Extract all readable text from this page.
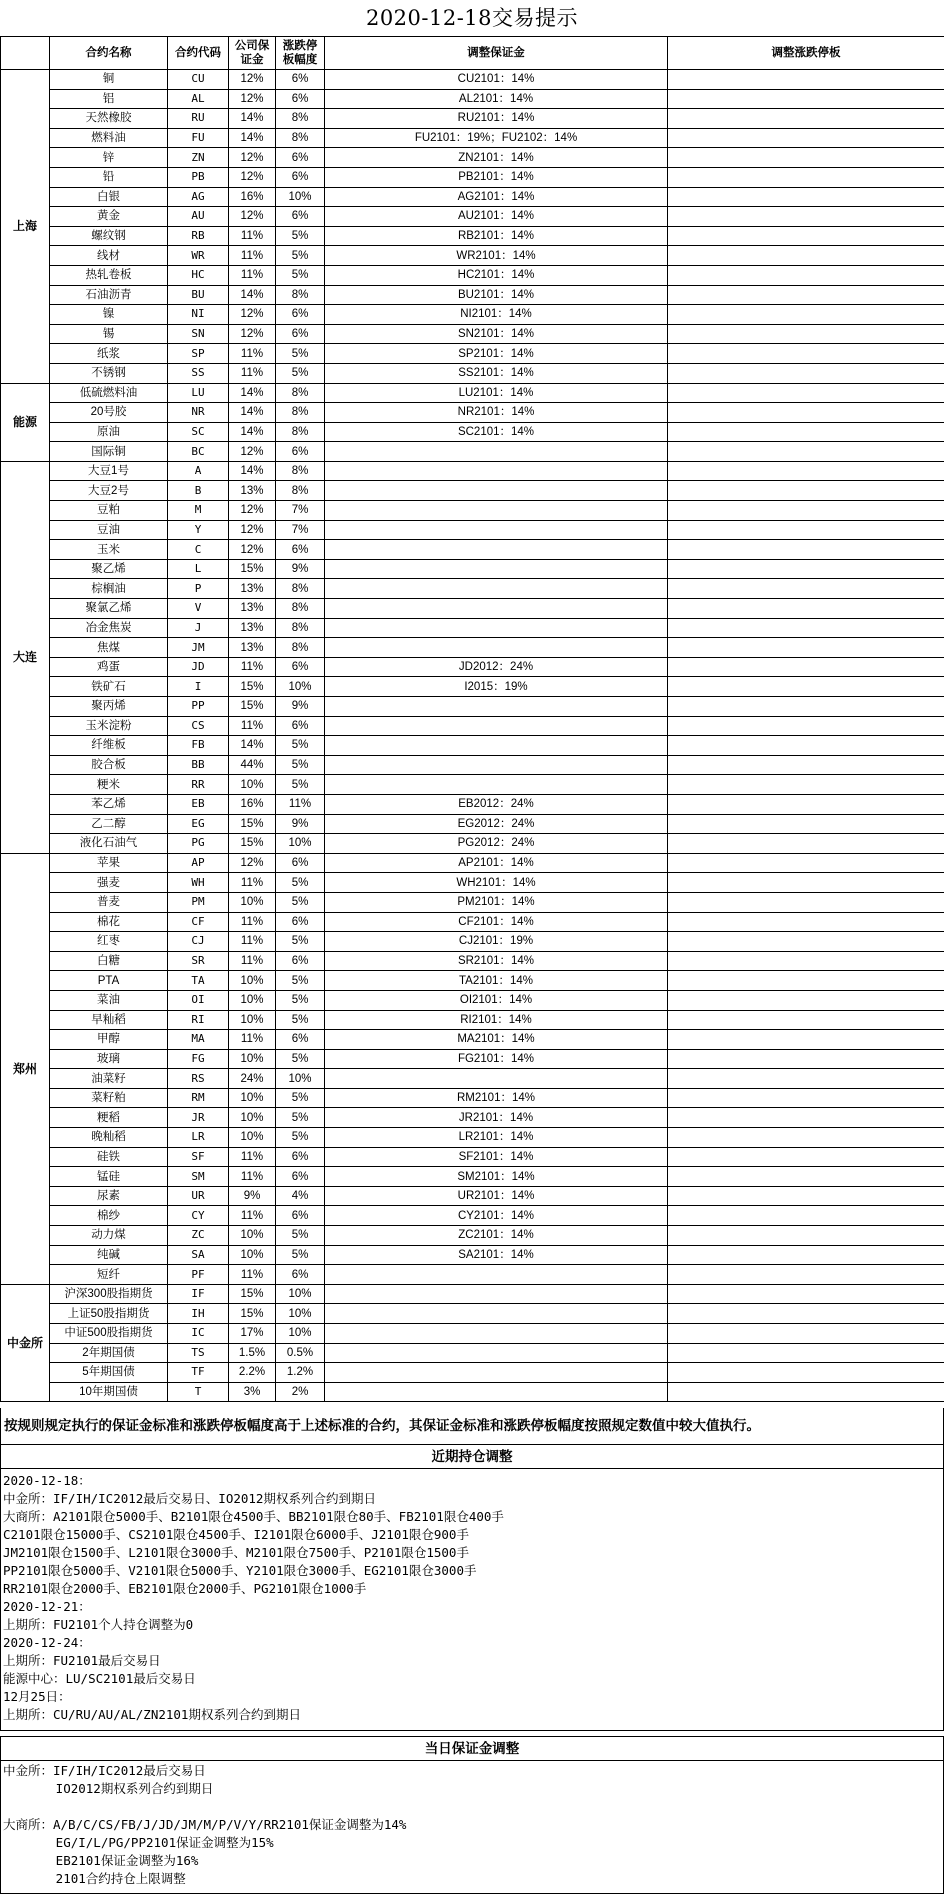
2020-12-18交易提示
	合约名称	合约代码	公司保证金	涨跌停板幅度	调整保证金	调整涨跌停板
上海	铜	CU	12%	6%	CU2101：14%	
	铝	AL	12%	6%	AL2101：14%	
	天然橡胶	RU	14%	8%	RU2101：14%	
	燃料油	FU	14%	8%	FU2101：19%；FU2102：14%	
	锌	ZN	12%	6%	ZN2101：14%	
	铅	PB	12%	6%	PB2101：14%	
	白银	AG	16%	10%	AG2101：14%	
	黄金	AU	12%	6%	AU2101：14%	
	螺纹钢	RB	11%	5%	RB2101：14%	
	线材	WR	11%	5%	WR2101：14%	
	热轧卷板	HC	11%	5%	HC2101：14%	
	石油沥青	BU	14%	8%	BU2101：14%	
	镍	NI	12%	6%	NI2101：14%	
	锡	SN	12%	6%	SN2101：14%	
	纸浆	SP	11%	5%	SP2101：14%	
	不锈钢	SS	11%	5%	SS2101：14%	
能源	低硫燃料油	LU	14%	8%	LU2101：14%	
	20号胶	NR	14%	8%	NR2101：14%	
	原油	SC	14%	8%	SC2101：14%	
	国际铜	BC	12%	6%		
大连	大豆1号	A	14%	8%		
	大豆2号	B	13%	8%		
	豆粕	M	12%	7%		
	豆油	Y	12%	7%		
	玉米	C	12%	6%		
	聚乙烯	L	15%	9%		
	棕榈油	P	13%	8%		
	聚氯乙烯	V	13%	8%		
	冶金焦炭	J	13%	8%		
	焦煤	JM	13%	8%		
	鸡蛋	JD	11%	6%	JD2012：24%	
	铁矿石	I	15%	10%	I2015：19%	
	聚丙烯	PP	15%	9%		
	玉米淀粉	CS	11%	6%		
	纤维板	FB	14%	5%		
	胶合板	BB	44%	5%		
	粳米	RR	10%	5%		
	苯乙烯	EB	16%	11%	EB2012：24%	
	乙二醇	EG	15%	9%	EG2012：24%	
	液化石油气	PG	15%	10%	PG2012：24%	
郑州	苹果	AP	12%	6%	AP2101：14%	
	强麦	WH	11%	5%	WH2101：14%	
	普麦	PM	10%	5%	PM2101：14%	
	棉花	CF	11%	6%	CF2101：14%	
	红枣	CJ	11%	5%	CJ2101：19%	
	白糖	SR	11%	6%	SR2101：14%	
	PTA	TA	10%	5%	TA2101：14%	
	菜油	OI	10%	5%	OI2101：14%	
	早籼稻	RI	10%	5%	RI2101：14%	
	甲醇	MA	11%	6%	MA2101：14%	
	玻璃	FG	10%	5%	FG2101：14%	
	油菜籽	RS	24%	10%		
	菜籽粕	RM	10%	5%	RM2101：14%	
	粳稻	JR	10%	5%	JR2101：14%	
	晚籼稻	LR	10%	5%	LR2101：14%	
	硅铁	SF	11%	6%	SF2101：14%	
	锰硅	SM	11%	6%	SM2101：14%	
	尿素	UR	9%	4%	UR2101：14%	
	棉纱	CY	11%	6%	CY2101：14%	
	动力煤	ZC	10%	5%	ZC2101：14%	
	纯碱	SA	10%	5%	SA2101：14%	
	短纤	PF	11%	6%		
中金所	沪深300股指期货	IF	15%	10%		
	上证50股指期货	IH	15%	10%		
	中证500股指期货	IC	17%	10%		
	2年期国债	TS	1.5%	0.5%		
	5年期国债	TF	2.2%	1.2%		
	10年期国债	T	3%	2%		
按规则规定执行的保证金标准和涨跌停板幅度高于上述标准的合约，其保证金标准和涨跌停板幅度按照规定数值中较大值执行。
近期持仓调整
2020-12-18：
中金所：IF/IH/IC2012最后交易日、IO2012期权系列合约到期日
大商所：A2101限仓5000手、B2101限仓4500手、BB2101限仓80手、FB2101限仓400手
C2101限仓15000手、CS2101限仓4500手、I2101限仓6000手、J2101限仓900手
JM2101限仓1500手、L2101限仓3000手、M2101限仓7500手、P2101限仓1500手
PP2101限仓5000手、V2101限仓5000手、Y2101限仓3000手、EG2101限仓3000手
RR2101限仓2000手、EB2101限仓2000手、PG2101限仓1000手
2020-12-21：
上期所：FU2101个人持仓调整为0
2020-12-24：
上期所：FU2101最后交易日
能源中心：LU/SC2101最后交易日
12月25日：
上期所：CU/RU/AU/AL/ZN2101期权系列合约到期日
当日保证金调整
中金所：IF/IH/IC2012最后交易日
IO2012期权系列合约到期日
大商所：A/B/C/CS/FB/J/JD/JM/M/P/V/Y/RR2101保证金调整为14%
EG/I/L/PG/PP2101保证金调整为15%
EB2101保证金调整为16%
2101合约持仓上限调整
